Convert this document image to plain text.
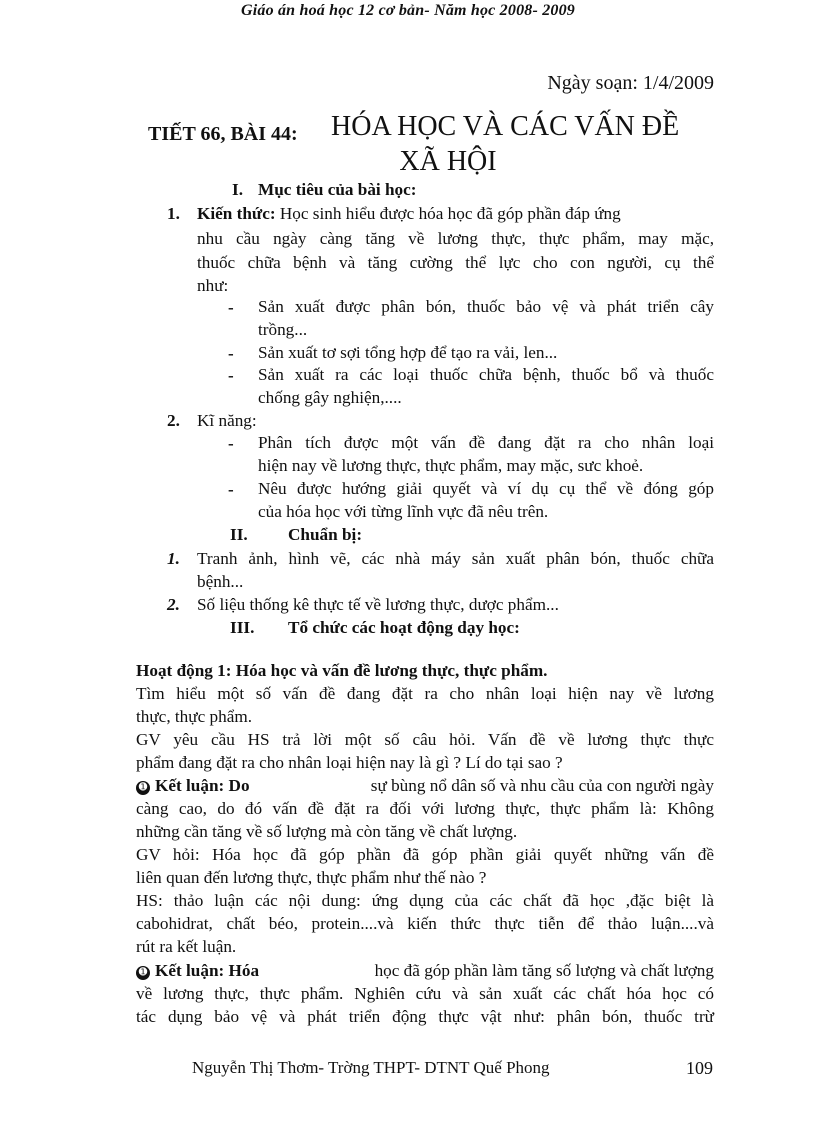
Giáo án hoá học 12 cơ bản- Năm học 2008- 2009
Ngày soạn: 1/4/2009
TIẾT 66, BÀI 44: HÓA HỌC VÀ CÁC VẤN ĐỀ
XÃ HỘI
I. Mục tiêu của bài học:
1. Kiến thức: Học sinh hiểu được hóa học đã góp phần đáp ứng
nhu cầu ngày càng tăng về lương thực, thực phẩm, may mặc,
thuốc chữa bệnh và tăng cường thể lực cho con người, cụ thể
như:
- Sản xuất được phân bón, thuốc bảo vệ và phát triển cây
trồng...
- Sản xuất tơ sợi tổng hợp để tạo ra vải, len...
- Sản xuất ra các loại thuốc chữa bệnh, thuốc bổ và thuốc
chống gây nghiện,....
2. Kĩ năng:
- Phân tích được một vấn đề đang đặt ra cho nhân loại
hiện nay về lương thực, thực phẩm, may mặc, sưc khoẻ.
- Nêu được hướng giải quyết và ví dụ cụ thể về đóng góp
của hóa học với từng lĩnh vực đã nêu trên.
II. Chuẩn bị:
1. Tranh ảnh, hình vẽ, các nhà máy sản xuất phân bón, thuốc chữa
bệnh...
2. Số liệu thống kê thực tế về lương thực, dược phẩm...
III. Tổ chức các hoạt động dạy học:
Hoạt động 1: Hóa học và vấn đề lương thực, thực phẩm.
Tìm hiểu một số vấn đề đang đặt ra cho nhân loại hiện nay về lương
thực, thực phẩm.
GV yêu cầu HS trả lời một số câu hỏi. Vấn đề về lương thực thực
phẩm đang đặt ra cho nhân loại hiện nay là gì ? Lí do tại sao ?
➊ Kết luận: Do	sự bùng nổ dân số và nhu cầu của con người ngày
càng cao, do đó vấn đề đặt ra đối với lương thực, thực phẩm là: Không
những cần tăng về số lượng mà còn tăng về chất lượng.
GV hỏi: Hóa học đã góp phần đã góp phần giải quyết những vấn đề
liên quan đến lương thực, thực phẩm như thế nào ?
HS: thảo luận các nội dung: ứng dụng của các chất đã học ,đặc biệt là
cabohidrat, chất béo, protein....và kiến thức thực tiễn để thảo luận....và
rút ra kết luận.
➊ Kết luận: Hóa	học đã góp phần làm tăng số lượng và chất lượng
về lương thực, thực phẩm. Nghiên cứu và sản xuất các chất hóa học có
tác dụng bảo vệ và phát triển động thực vật như: phân bón, thuốc trừ
Nguyễn Thị Thơm- Trờng THPT- DTNT Quế Phong	109
